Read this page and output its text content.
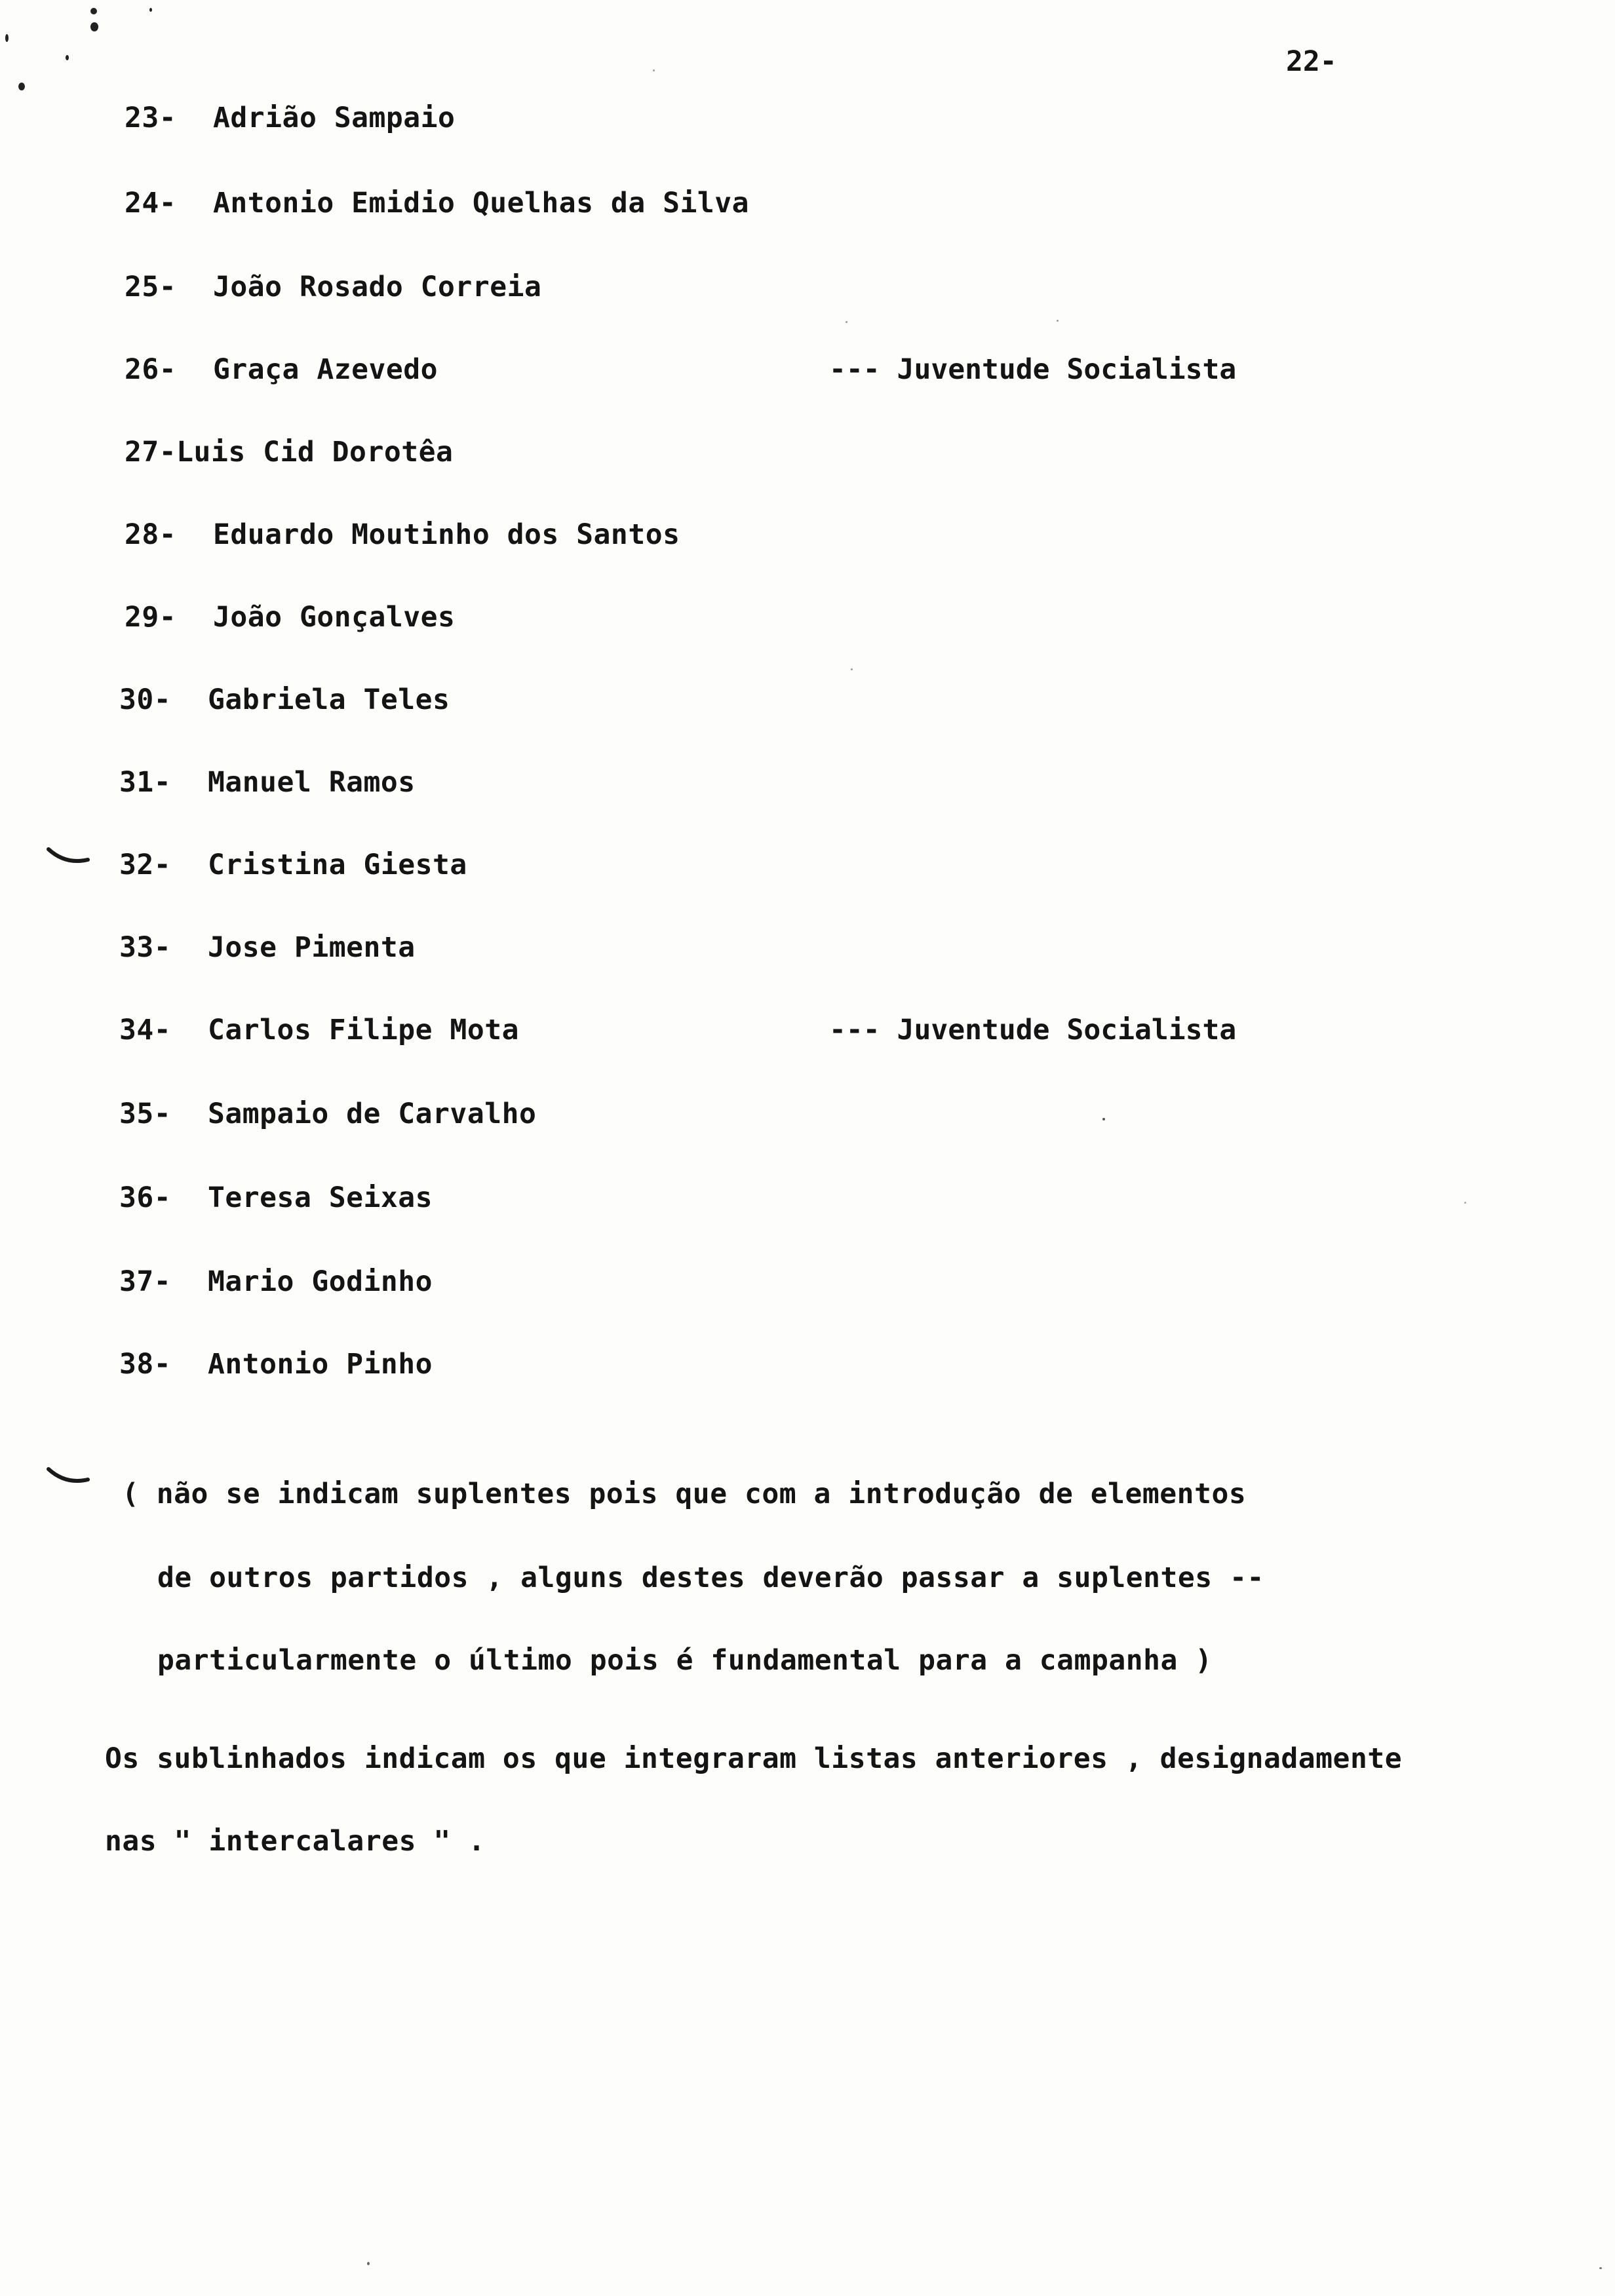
22-
23- Adrião Sampaio
24- Antonio Emidio Quelhas da Silva
25- João Rosado Correia
26- Graça Azevedo	--- Juventude Socialista
27-Luis Cid Dorotêa
28- Eduardo Moutinho dos Santos
29- João Gonçalves
30- Gabriela Teles
31- Manuel Ramos
32- Cristina Giesta
33- Jose Pimenta
34- Carlos Filipe Mota	--- Juventude Socialista
35- Sampaio de Carvalho
36- Teresa Seixas
37- Mario Godinho
38- Antonio Pinho
( não se indicam suplentes pois que com a introdução de elementos
de outros partidos , alguns destes deverão passar a suplentes --
particularmente o último pois é fundamental para a campanha )
Os sublinhados indicam os que integraram listas anteriores , designadamente
nas " intercalares " .
